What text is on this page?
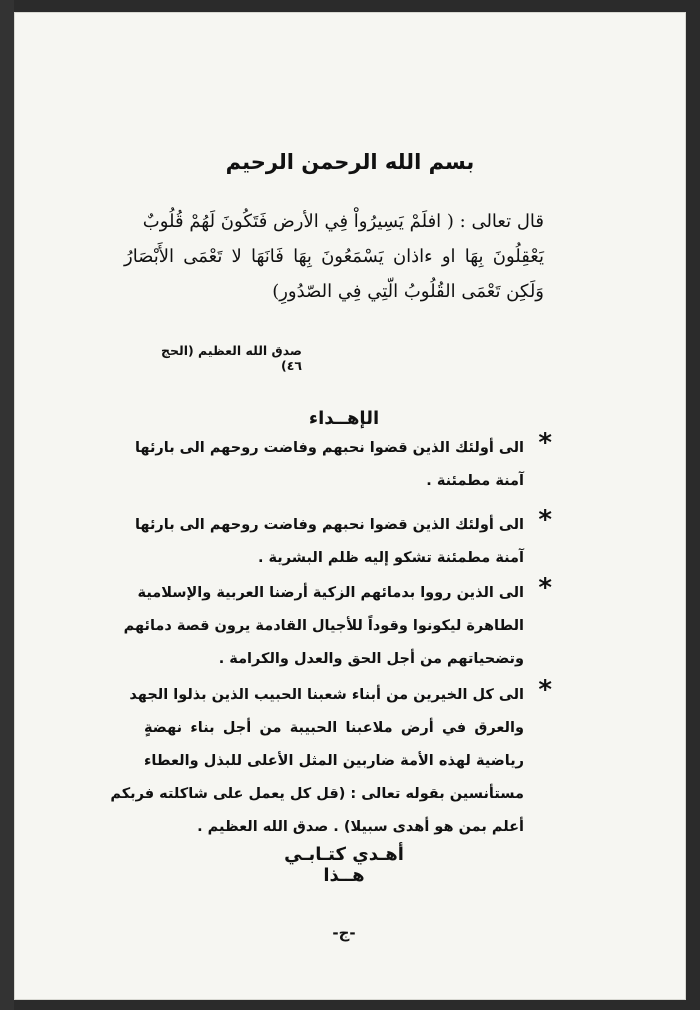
بسم الله الرحمن الرحيم
قال تعالى : ( افلَمْ يَسِيرُواْ فِي الأرض فَتَكُونَ لَهُمْ قُلُوبٌ
يَعْقِلُونَ بِهَا او ءاذان يَسْمَعُونَ بِهَا فَانَهَا لا تَعْمَى الأَبْصَارُ
وَلَكِن تَعْمَى القُلُوبُ الّتِي فِي الصّدُورِ)
صدق الله العظيم (الحج ٤٦)
الإهــداء
*
الى أولئك الذين قضوا نحبهم وفاضت روحهم الى بارئها
آمنة مطمئنة .
*
الى أولئك الذين قضوا نحبهم وفاضت روحهم الى بارئها
آمنة مطمئنة تشكو إليه ظلم البشرية .
*
الى الذين رووا بدمائهم الزكية أرضنا العربية والإسلامية
الطاهرة ليكونوا وقوداً للأجيال القادمة يرون قصة دمائهم
وتضحياتهم من أجل الحق والعدل والكرامة .
*
الى كل الخيرين من أبناء شعبنا الحبيب الذين بذلوا الجهد
والعرق في أرض ملاعبنا الحبيبة من أجل بناء نهضةٍ
رياضية لهذه الأمة ضاربين المثل الأعلى للبذل والعطاء
مستأنسين بقوله تعالى : (قل كل يعمل على شاكلته فربكم
أعلم بمن هو أهدى سبيلا) . صدق الله العظيم .
أهـدي كتـابـي هــذا
-ج-
